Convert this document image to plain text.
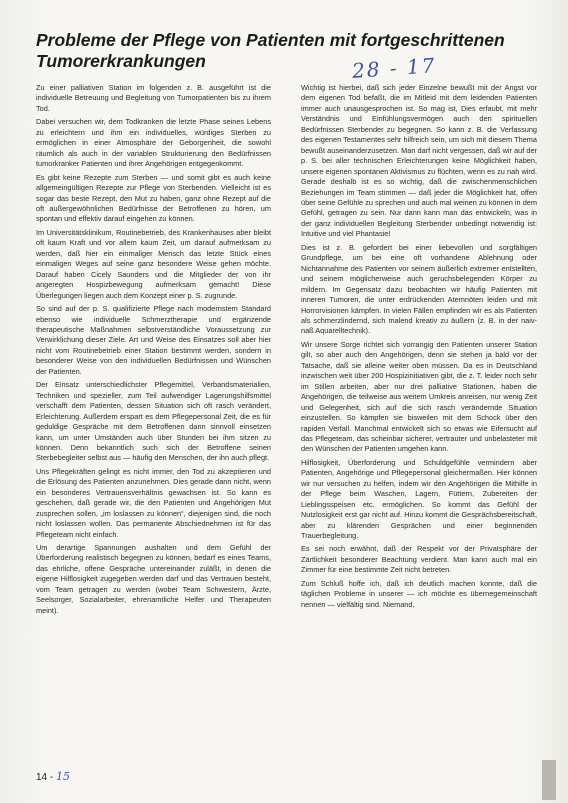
Probleme der Pflege von Patienten mit fortgeschrittenen Tumorerkrankungen	28 - 17

Zu einer palliativen Station im folgenden z. B. ausgeführt ist die individuelle Betreuung und Begleitung von Tumorpatienten bis zu ihrem Tod.

Dabei versuchen wir, dem Todkranken die letzte Phase seines Lebens zu erleichtern und ihm ein individuelles, würdiges Sterben zu ermöglichen in einer Atmosphäre der Geborgenheit, die sowohl räumlich als auch in der variablen Strukturierung den Bedürfnissen tumorkranker Patienten und ihrer Angehörigen entgegenkommt.

Es gibt keine Rezepte zum Sterben — und somit gibt es auch keine allgemeingültigen Rezepte zur Pflege von Sterbenden. Vielleicht ist es sogar das beste Rezept, den Mut zu haben, ganz ohne Rezept auf die oft außergewöhnlichen Bedürfnisse der Betroffenen zu hören, um spontan und effektiv darauf eingehen zu können.

Im Universitätsklinikum, Routinebetrieb, des Krankenhauses aber bleibt oft kaum Kraft und vor allem kaum Zeit, um darauf aufmerksam zu werden, daß hier ein einmaliger Mensch das letzte Stück eines einmaligen Weges auf seine ganz besondere Weise gehen möchte. Darauf haben Cicely Saunders und die Mitglieder der von ihr angeregten Hospizbewegung aufmerksam gemacht! Diese Überlegungen liegen auch dem Konzept einer p. S. zugrunde.

So sind auf der p. S. qualifizierte Pflege nach modernstem Standard ebenso wie individuelle Schmerztherapie und ergänzende therapeutische Maßnahmen selbstverständliche Voraussetzung zur Verwirklichung dieser Ziele. Art und Weise des Einsatzes soll aber hier nicht vom Routinebetrieb einer Station bestimmt werden, sondern in besonderer Weise von den individuellen Bedürfnissen und Wünschen der Patienten.

Der Einsatz unterschiedlichster Pflegemittel, Verbandsmaterialien, Techniken und spezieller, zum Teil aufwendiger Lagerungshilfsmittel verschafft dem Patienten, dessen Situation sich oft rasch verändert, Erleichterung. Außerdem erspart es dem Pflegepersonal Zeit, die es für geduldige Gespräche mit dem Betroffenen dann sinnvoll einsetzen kann, um unter Umständen auch über Stunden bei ihm sitzen zu können. Denn bekanntlich such sich der Betroffene seinen Sterbebegleiter selbst aus — häufig den Menschen, der ihn auch pflegt.

Uns Pflegekräften gelingt es nicht immer, den Tod zu akzeptieren und die Erlösung des Patienten anzunehmen. Dies gerade dann nicht, wenn ein besonderes Vertrauensverhältnis gewachsen ist. So kann es geschehen, daß gerade wir, die den Patienten und Angehörigen Mut zusprechen sollen, „im loslassen zu können“, diejenigen sind, die noch nicht loslassen wollen. Das permanente Abschiednehmen ist für das Pflegeteam nicht einfach.

Um derartige Spannungen aushalten und dem Gefühl der Überforderung realistisch begegnen zu können, bedarf es eines Teams, das ehrliche, offene Gespräche untereinander zuläßt, in denen die eigene Hilflosigkeit zugegeben werden darf und das Vertrauen besteht, vom Team getragen zu werden (wobei Team Schwestern, Ärzte, Seelsorger, Sozialarbeiter, ehrenamtliche Helfer und Therapeuten meint).

Wichtig ist hierbei, daß sich jeder Einzelne bewußt mit der Angst vor dem eigenen Tod befaßt, die im Mitleid mit dem leidenden Patienten immer auch unausgesprochen ist. So mag ist, Dies erfaubt, mit mehr Verständnis und Einfühlungsvermögen auch den spirituellen Bedürfnissen Sterbender zu begegnen. So kann z. B. die Verfassung des eigenen Testamentes sehr hilfreich sein, um sich mit diesem Thema bewußt auseinanderzusetzen. Man darf nicht vergessen, daß wir auf der p. S. bei aller technischen Erleichterungen keine Möglichkeit haben, unsere eigenen spontanen Aktivismus zu flüchten, wenn es zu nah wird. Gerade deshalb ist es so wichtig, daß die zwischenmenschlichen Beziehungen im Team stimmen — daß jeder die Möglichkeit hat, offen über seine Gefühle zu sprechen und auch mal weinen zu können in dem Gefühl, getragen zu sein. Nur dann kann man das entwickeln, was in der ganz individuellen Begleitung Sterbender unbedingt notwendig ist: Intuitive und viel Phantasie!

Dies ist z. B. gefordert bei einer liebevollen und sorgfältigen Grundpflege, um bei eine oft vorhandene Ablehnung oder Nichtannahme des Patienten vor seinem äußerlich extremer entstellten, und seinem möglicherweise auch geruchsbelegenden Körper zu mildern. Im Gegensatz dazu beobachten wir häufig Patienten mit inneren Tumoren, die unter erdrückenden Atemnöten leiden und mit Horrorvisionen kämpfen. In vielen Fällen empfinden wir es als Patienten als schmerzlindernd, sich malend kreativ zu äußern (z. B. in der naiv-naß Aquarelltechnik).

Wir unsere Sorge richtet sich vorrangig den Patienten unserer Station gilt, so aber auch den Angehörigen, denn sie stehen ja bald vor der Tatsache, daß sie alleine weiter oben müssen. Da es in Deutschland inzwischen weit über 200 Hospizinitiativen gibt, die z. T. leider noch sehr im Stillen arbeiten, aber nur drei palliative Stationen, haben die Angehörigen, die teilweise aus weitem Umkreis anreisen, nur wenig Zeit und Gelegenheit, sich auf die sich rasch verändernde Situation einzustellen. So kämpfen sie bisweilen mit dem Schock über den rapiden Verfall. Manchmal entwickelt sich so etwas wie Eifersucht auf das Pflegeteam, das scheinbar sicherer, vertrauter und unbelasteter mit den Wünschen der Patienten umgehen kann.

Hilflosigkeit, Überforderung und Schuldgefühle vermindern aber Patienten, Angehörige und Pflegepersonal gleichermaßen. Hier können wir nur versuchen zu helfen, indem wir den Angehörigen die Mithilfe in der Pflege beim Waschen, Lagern, Füttern, Zubereiten der Lieblingsspeisen etc. ermöglichen. So kommt das Gefühl der Nutzlosigkeit erst gar nicht auf. Hinzu kommt die Gesprächsbereitschaft, aber zu klärenden Gesprächen und einer beginnenden Trauerbegleitung.

Es sei noch erwähnt, daß der Respekt vor der Privatsphäre der Zärtlichkeit besonderer Beachtung verdient. Man kann auch mal ein Zimmer für eine bestimmte Zeit nicht betreten.

Zum Schluß hoffe ich, daß ich deutlich machen konnte, daß die täglichen Probleme in unserer — ich möchte es übernegemeinschaft nennen — vielfältig sind. Niemand,

14 - 15
